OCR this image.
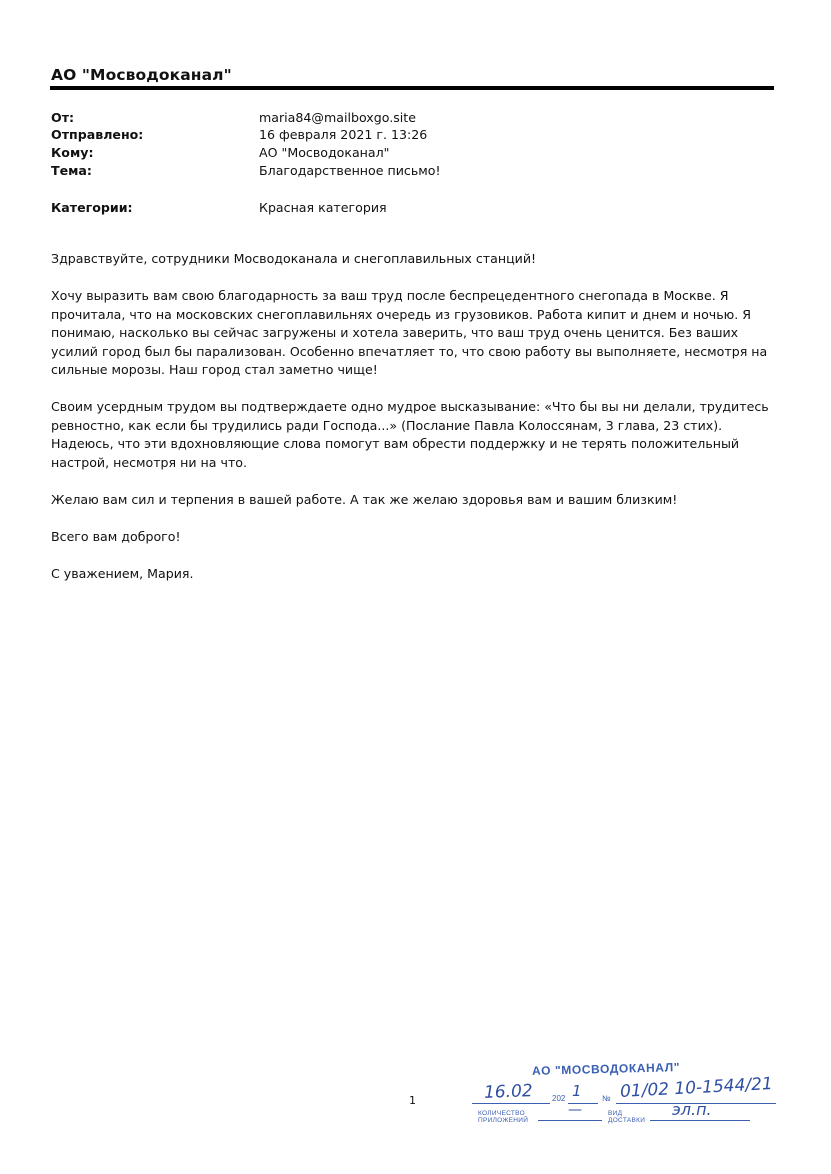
АО "Мосводоканал"
От:	maria84@mailboxgo.site
Отправлено:	16 февраля 2021 г. 13:26
Кому:	АО "Мосводоканал"
Тема:	Благодарственное письмо!
Категории:	Красная категория

Здравствуйте, сотрудники Мосводоканала и снегоплавильных станций!

Хочу выразить вам свою благодарность за ваш труд после беспрецедентного снегопада в Москве. Я прочитала, что на московских снегоплавильнях очередь из грузовиков. Работа кипит и днем и ночью. Я понимаю, насколько вы сейчас загружены и хотела заверить, что ваш труд очень ценится. Без ваших усилий город был бы парализован. Особенно впечатляет то, что свою работу вы выполняете, несмотря на сильные морозы. Наш город стал заметно чище!

Своим усердным трудом вы подтверждаете одно мудрое высказывание: «Что бы вы ни делали, трудитесь ревностно, как если бы трудились ради Господа...» (Послание Павла Колоссянам, 3 глава, 23 стих). Надеюсь, что эти вдохновляющие слова помогут вам обрести поддержку и не терять положительный настрой, несмотря ни на что.

Желаю вам сил и терпения в вашей работе. А так же желаю здоровья вам и вашим близким!

Всего вам доброго!

С уважением, Мария.

1
АО "МОСВОДОКАНАЛ"
16.02 202 1	№ 01/02 10-1544/21
КОЛИЧЕСТВО ПРИЛОЖЕНИЙ
—	ВИД ДОСТАВКИ
эл.п.
